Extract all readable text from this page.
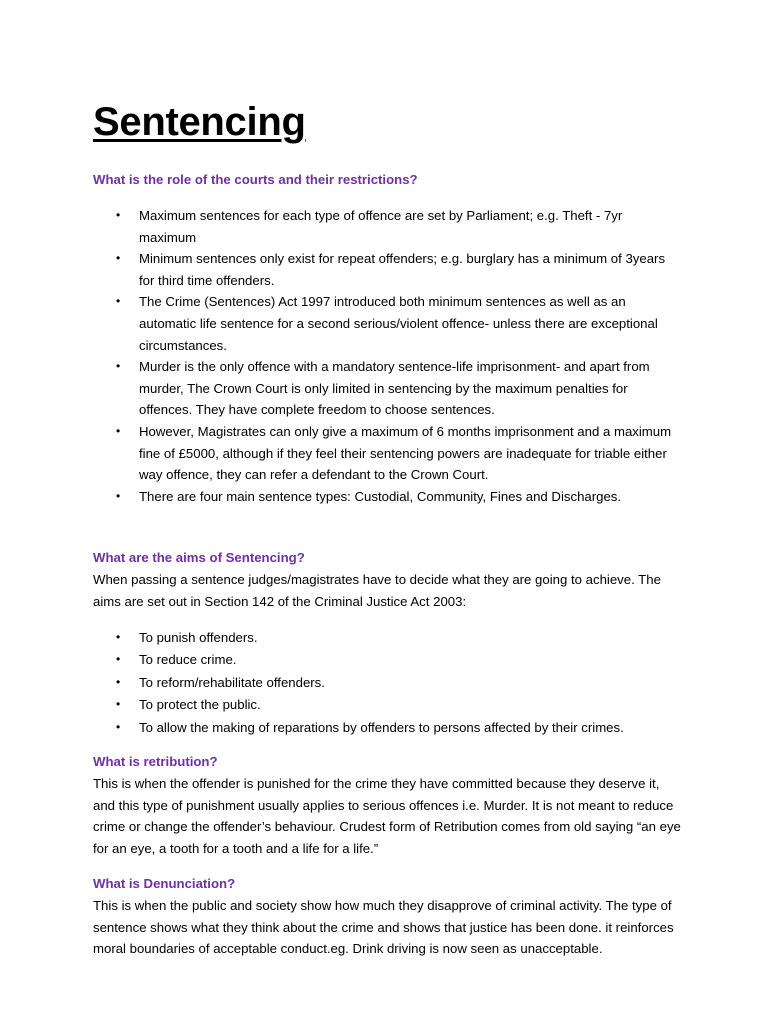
Sentencing
What is the role of the courts and their restrictions?
• Maximum sentences for each type of offence are set by Parliament; e.g. Theft - 7yr maximum
• Minimum sentences only exist for repeat offenders; e.g. burglary has a minimum of 3years for third time offenders.
• The Crime (Sentences) Act 1997 introduced both minimum sentences as well as an automatic life sentence for a second serious/violent offence- unless there are exceptional circumstances.
• Murder is the only offence with a mandatory sentence-life imprisonment- and apart from murder, The Crown Court is only limited in sentencing by the maximum penalties for offences. They have complete freedom to choose sentences.
• However, Magistrates can only give a maximum of 6 months imprisonment and a maximum fine of £5000, although if they feel their sentencing powers are inadequate for triable either way offence, they can refer a defendant to the Crown Court.
• There are four main sentence types: Custodial, Community, Fines and Discharges.
What are the aims of Sentencing?

When passing a sentence judges/magistrates have to decide what they are going to achieve. The aims are set out in Section 142 of the Criminal Justice Act 2003:

• To punish offenders.
• To reduce crime.
• To reform/rehabilitate offenders.
• To protect the public.
• To allow the making of reparations by offenders to persons affected by their crimes.
What is retribution?

This is when the offender is punished for the crime they have committed because they deserve it, and this type of punishment usually applies to serious offences i.e. Murder. It is not meant to reduce crime or change the offender’s behaviour. Crudest form of Retribution comes from old saying “an eye for an eye, a tooth for a tooth and a life for a life.”

What is Denunciation?

This is when the public and society show how much they disapprove of criminal activity. The type of sentence shows what they think about the crime and shows that justice has been done. it reinforces moral boundaries of acceptable conduct.eg. Drink driving is now seen as unacceptable.
